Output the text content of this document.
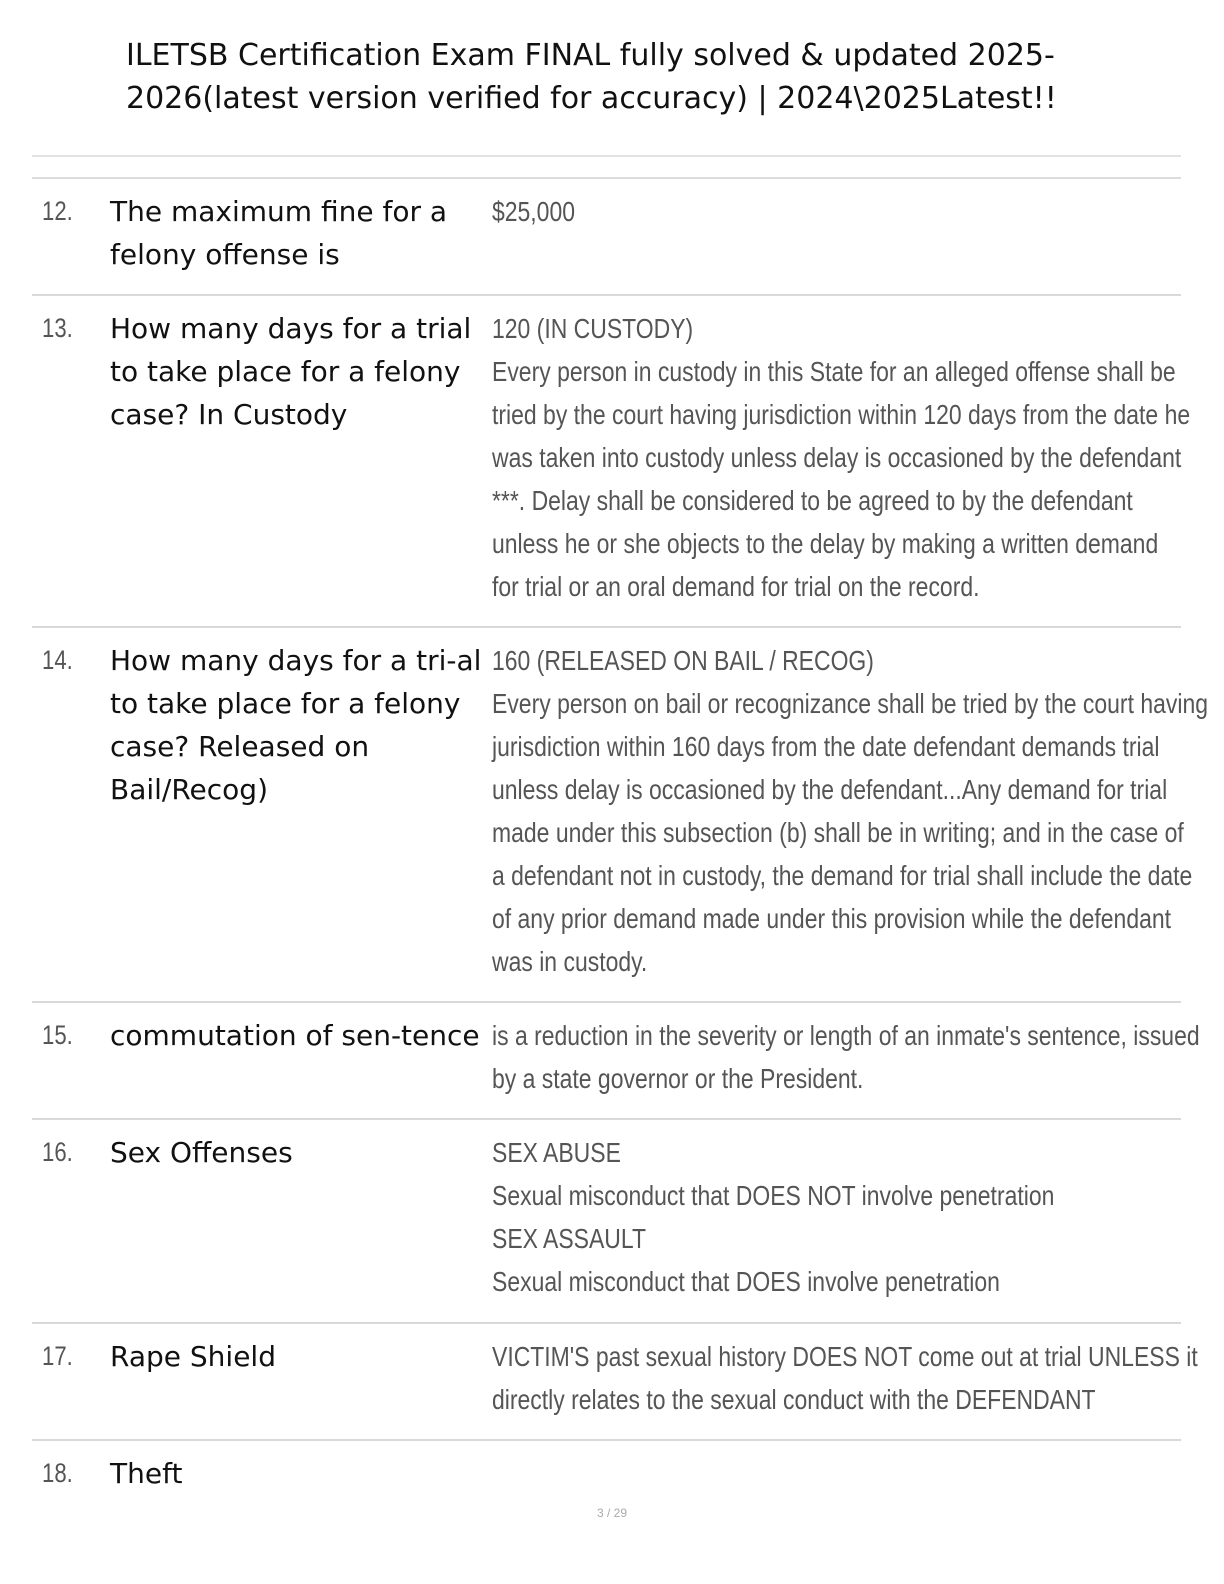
ILETSB Certification Exam FINAL fully solved & updated 2025-2026(latest version verified for accuracy) | 2024\2025Latest!!
12. The maximum fine for a felony offense is
$25,000
13. How many days for a trial to take place for a felony case? In Custody
120 (IN CUSTODY)
Every person in custody in this State for an alleged offense shall be
tried by the court having jurisdiction within 120 days from the date he
was taken into custody unless delay is occasioned by the defendant
***. Delay shall be considered to be agreed to by the defendant
unless he or she objects to the delay by making a written demand
for trial or an oral demand for trial on the record.
14. How many days for a tri-al to take place for a felony case? Released on Bail/Recog)
160 (RELEASED ON BAIL / RECOG)
Every person on bail or recognizance shall be tried by the court having
jurisdiction within 160 days from the date defendant demands trial
unless delay is occasioned by the defendant...Any demand for trial
made under this subsection (b) shall be in writing; and in the case of
a defendant not in custody, the demand for trial shall include the date
of any prior demand made under this provision while the defendant
was in custody.
15. commutation of sen-tence is a reduction in the severity or length of an inmate's sentence, issued
by a state governor or the President.
16. Sex Offenses	SEX ABUSE
Sexual misconduct that DOES NOT involve penetration
SEX ASSAULT
Sexual misconduct that DOES involve penetration
17. Rape Shield	VICTIM'S past sexual history DOES NOT come out at trial UNLESS it
directly relates to the sexual conduct with the DEFENDANT
18. Theft
3 / 29
